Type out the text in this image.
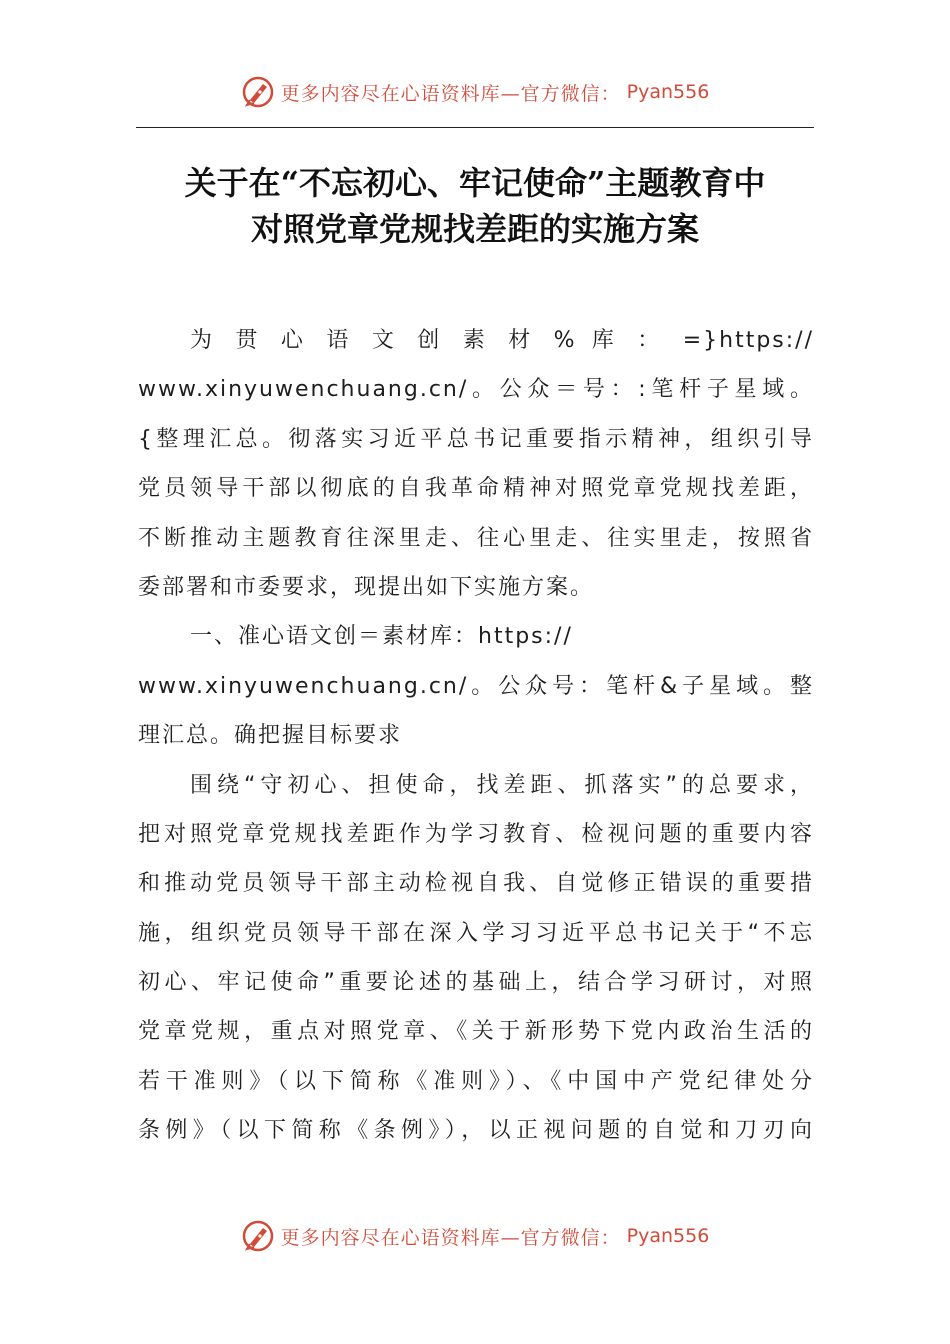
更多内容尽在心语资料库—官方微信： Pyan556
关于在“不忘初心、牢记使命”主题教育中
对照党章党规找差距的实施方案
为 贯 心 语 文 创 素 材 % 库 ： =}https://
www.xinyuwenchuang.cn/。公众＝号：:笔杆子星域。
{整理汇总。彻落实习近平总书记重要指示精神，组织引导
党员领导干部以彻底的自我革命精神对照党章党规找差距，
不断推动主题教育往深里走、往心里走、往实里走，按照省
委部署和市委要求，现提出如下实施方案。
一、准心语文创＝素材库：https://
www.xinyuwenchuang.cn/。公众号：笔杆&子星域。整
理汇总。确把握目标要求
围绕“守初心、担使命，找差距、抓落实”的总要求，
把对照党章党规找差距作为学习教育、检视问题的重要内容
和推动党员领导干部主动检视自我、自觉修正错误的重要措
施，组织党员领导干部在深入学习习近平总书记关于“不忘
初心、牢记使命”重要论述的基础上，结合学习研讨，对照
党章党规，重点对照党章、《关于新形势下党内政治生活的
若干准则》（以下简称《准则》）、《中国中产党纪律处分
条例》（以下简称《条例》），以正视问题的自觉和刀刃向
更多内容尽在心语资料库—官方微信： Pyan556
